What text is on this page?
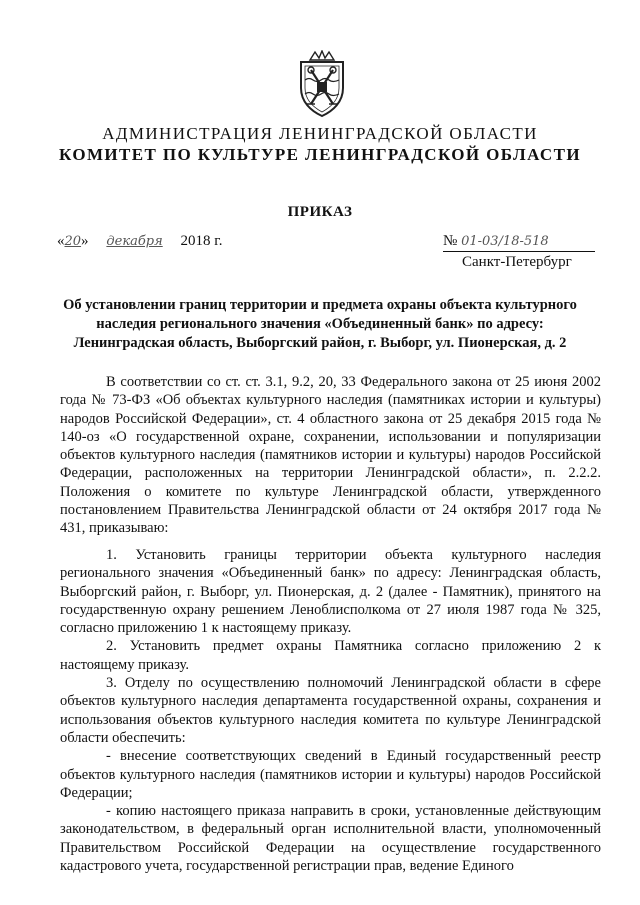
АДМИНИСТРАЦИЯ ЛЕНИНГРАДСКОЙ ОБЛАСТИ
КОМИТЕТ ПО КУЛЬТУРЕ ЛЕНИНГРАДСКОЙ ОБЛАСТИ
ПРИКАЗ
«20» декабря 2018 г.	№ 01-03/18-518
Санкт-Петербург
Об установлении границ территории и предмета охраны объекта культурного наследия регионального значения «Объединенный банк» по адресу: Ленинградская область, Выборгский район, г. Выборг, ул. Пионерская, д. 2

В соответствии со ст. ст. 3.1, 9.2, 20, 33 Федерального закона от 25 июня 2002 года № 73-ФЗ «Об объектах культурного наследия (памятниках истории и культуры) народов Российской Федерации», ст. 4 областного закона от 25 декабря 2015 года № 140-оз «О государственной охране, сохранении, использовании и популяризации объектов культурного наследия (памятников истории и культуры) народов Российской Федерации, расположенных на территории Ленинградской области», п. 2.2.2. Положения о комитете по культуре Ленинградской области, утвержденного постановлением Правительства Ленинградской области от 24 октября 2017 года № 431, приказываю:

1. Установить границы территории объекта культурного наследия регионального значения «Объединенный банк» по адресу: Ленинградская область, Выборгский район, г. Выборг, ул. Пионерская, д. 2 (далее - Памятник), принятого на государственную охрану решением Леноблисполкома от 27 июля 1987 года № 325, согласно приложению 1 к настоящему приказу.

2. Установить предмет охраны Памятника согласно приложению 2 к настоящему приказу.

3. Отделу по осуществлению полномочий Ленинградской области в сфере объектов культурного наследия департамента государственной охраны, сохранения и использования объектов культурного наследия комитета по культуре Ленинградской области обеспечить:

- внесение соответствующих сведений в Единый государственный реестр объектов культурного наследия (памятников истории и культуры) народов Российской Федерации;

- копию настоящего приказа направить в сроки, установленные действующим законодательством, в федеральный орган исполнительной власти, уполномоченный Правительством Российской Федерации на осуществление государственного кадастрового учета, государственной регистрации прав, ведение Единого
